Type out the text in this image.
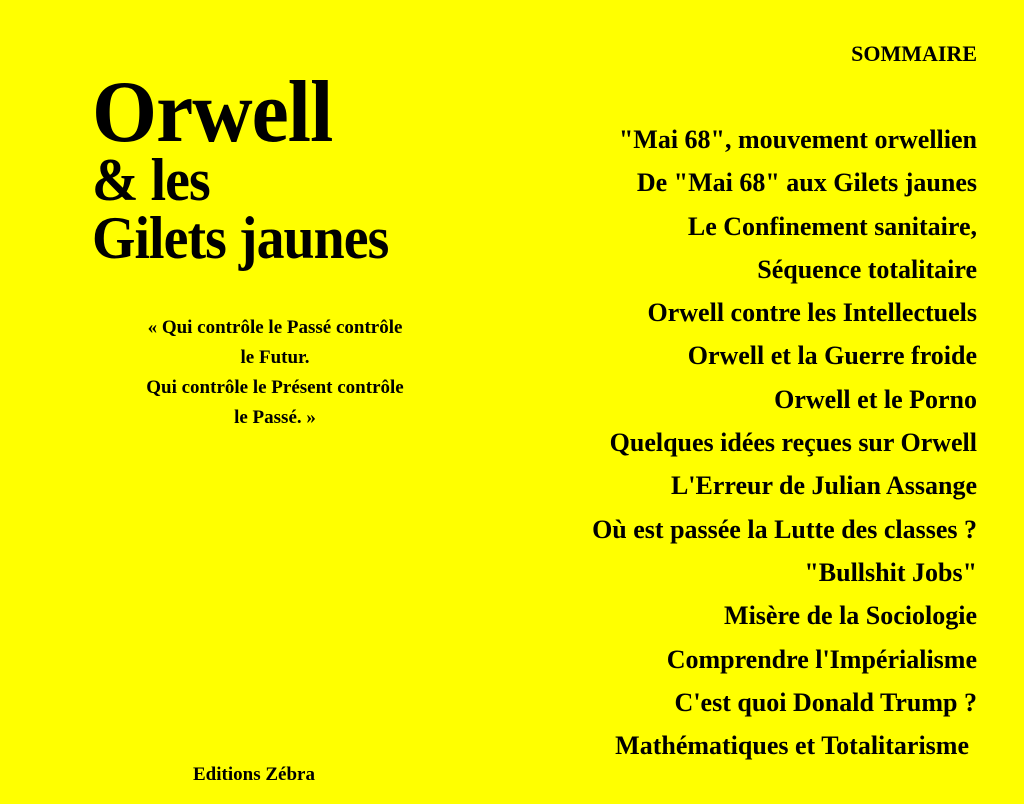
Orwell
& les
Gilets jaunes
« Qui contrôle le Passé contrôle
le Futur.
Qui contrôle le Présent contrôle
le Passé. »
Editions Zébra
SOMMAIRE
"Mai 68", mouvement orwellien
De "Mai 68" aux Gilets jaunes
Le Confinement sanitaire,
Séquence totalitaire
Orwell contre les Intellectuels
Orwell et la Guerre froide
Orwell et le Porno
Quelques idées reçues sur Orwell
L'Erreur de Julian Assange
Où est passée la Lutte des classes ?
"Bullshit Jobs"
Misère de la Sociologie
Comprendre l'Impérialisme
C'est quoi Donald Trump ?
Mathématiques et Totalitarisme
